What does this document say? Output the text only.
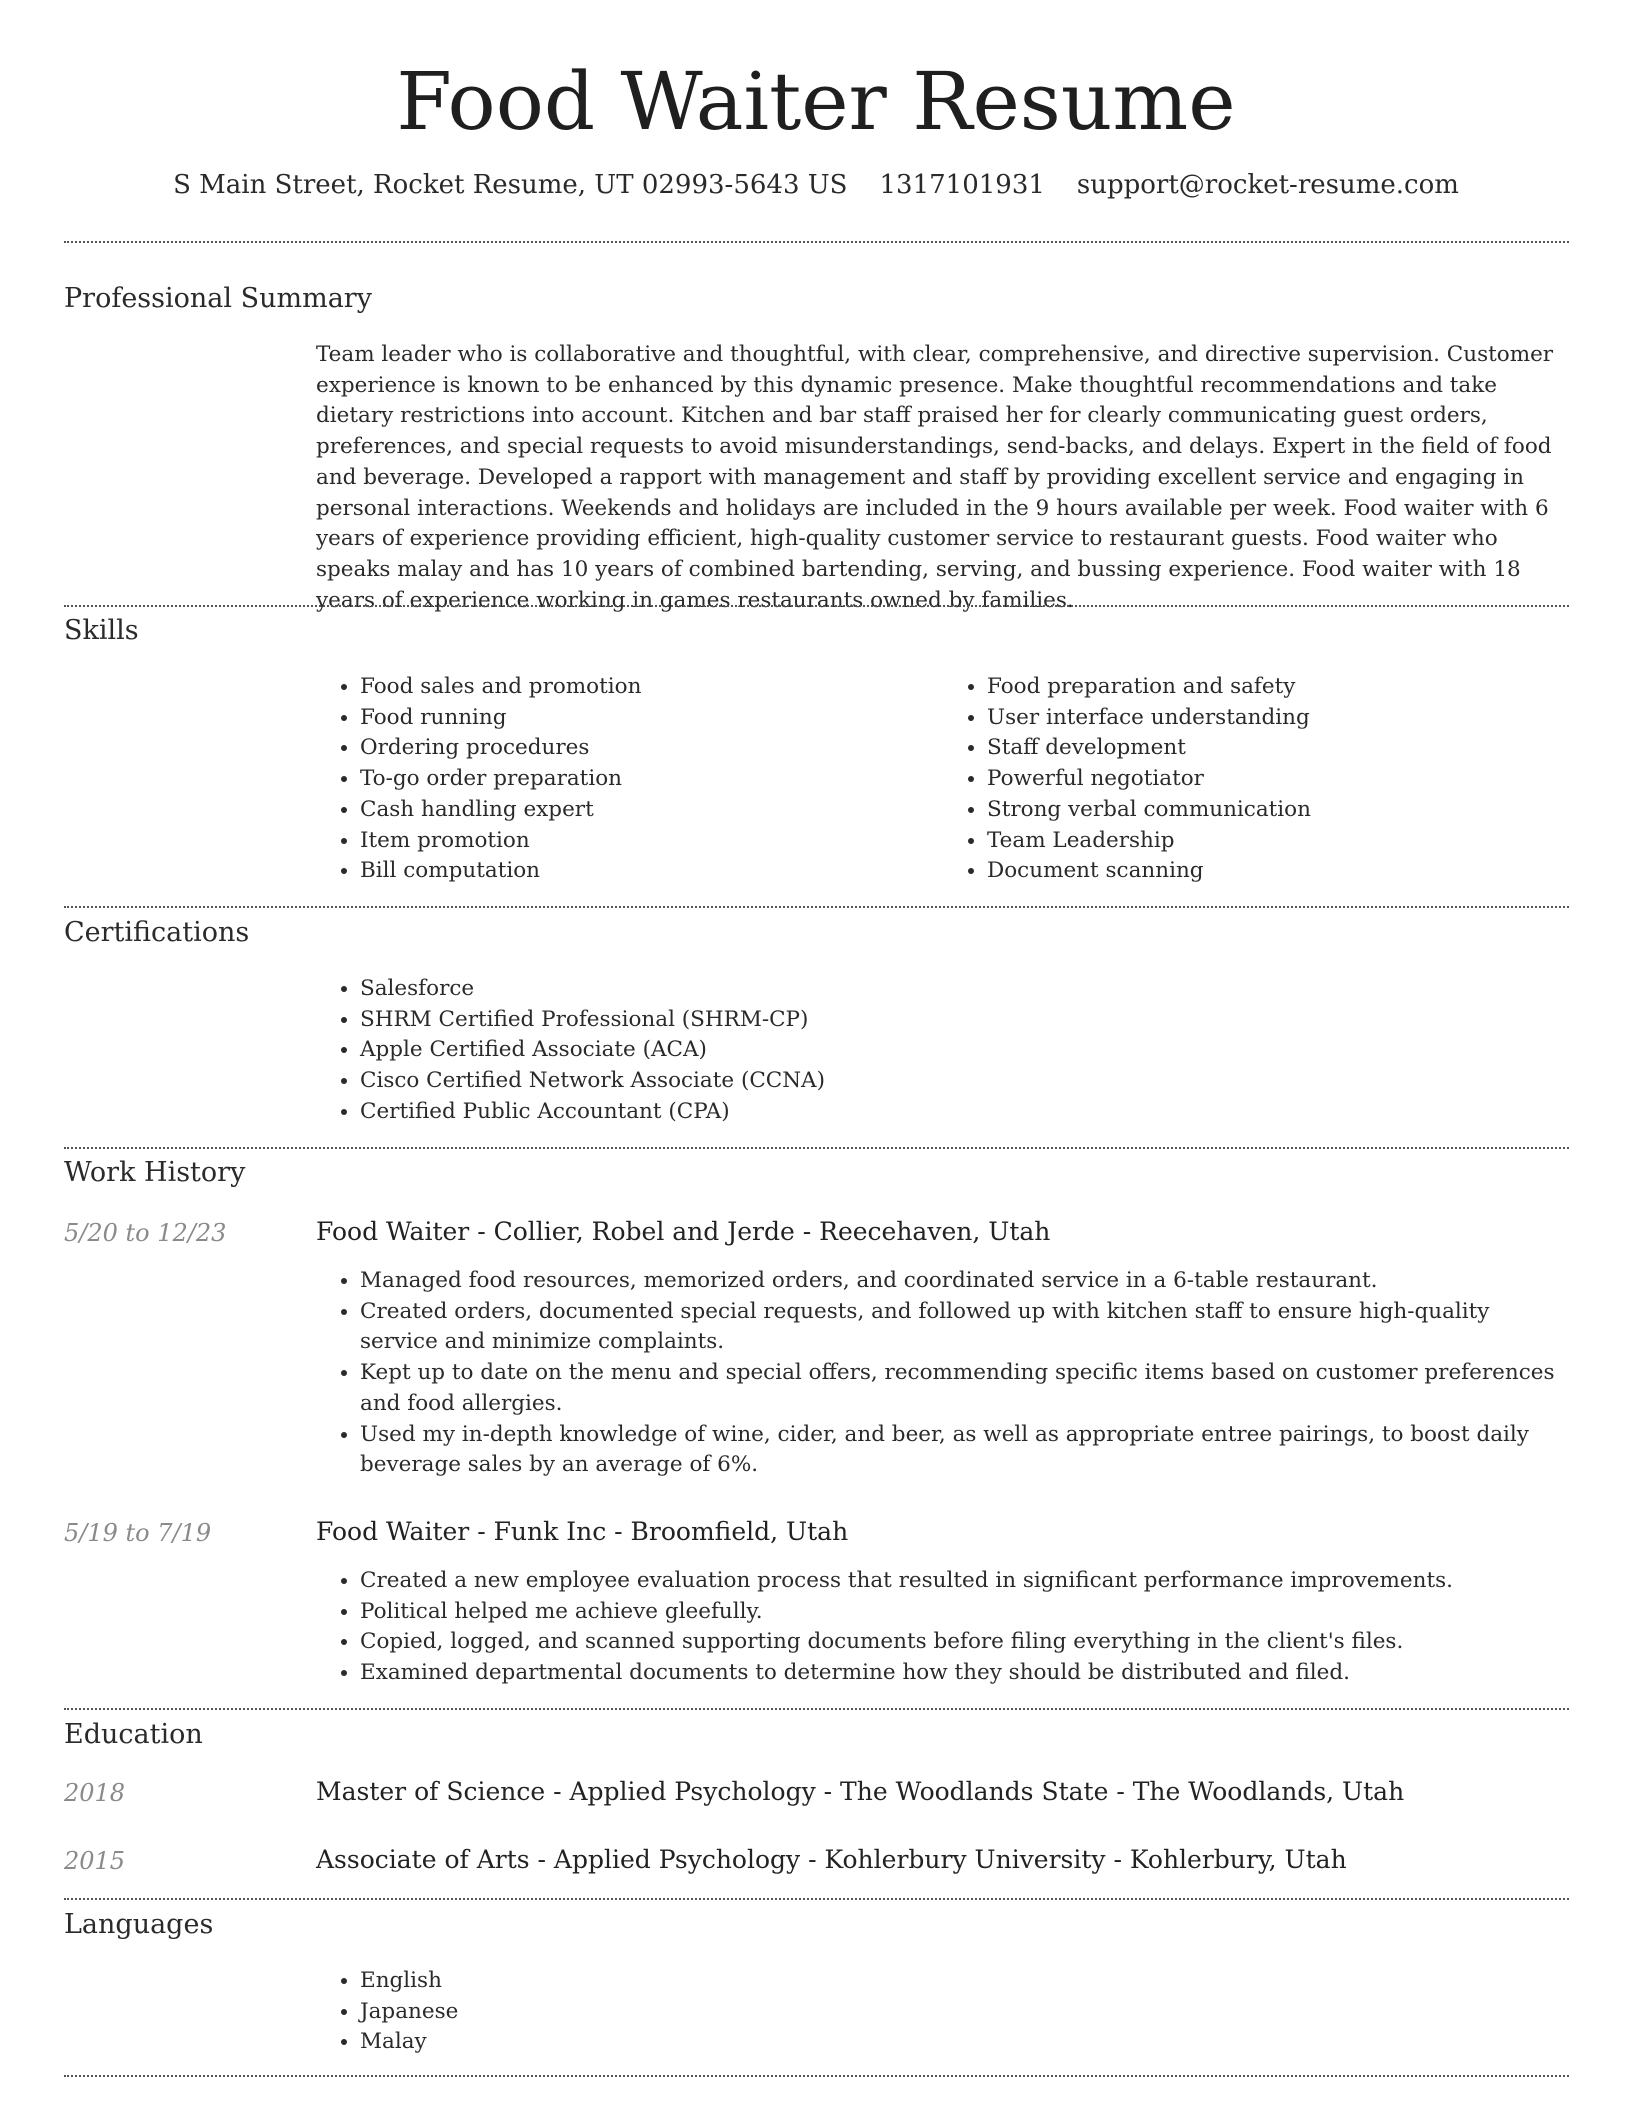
Food Waiter Resume
S Main Street, Rocket Resume, UT 02993-5643 US 1317101931 support@rocket-resume.com
Professional Summary

Team leader who is collaborative and thoughtful, with clear, comprehensive, and directive supervision. Customer experience is known to be enhanced by this dynamic presence. Make thoughtful recommendations and take dietary restrictions into account. Kitchen and bar staff praised her for clearly communicating guest orders, preferences, and special requests to avoid misunderstandings, send-backs, and delays. Expert in the field of food and beverage. Developed a rapport with management and staff by providing excellent service and engaging in personal interactions. Weekends and holidays are included in the 9 hours available per week. Food waiter with 6 years of experience providing efficient, high-quality customer service to restaurant guests. Food waiter who speaks malay and has 10 years of combined bartending, serving, and bussing experience. Food waiter with 18 years of experience working in games restaurants owned by families.

Skills
• Food sales and promotion
• Food running
• Ordering procedures
• To-go order preparation
• Cash handling expert
• Item promotion
• Bill computation
• Food preparation and safety
• User interface understanding
• Staff development
• Powerful negotiator
• Strong verbal communication
• Team Leadership
• Document scanning
Certifications
• Salesforce
• SHRM Certified Professional (SHRM-CP)
• Apple Certified Associate (ACA)
• Cisco Certified Network Associate (CCNA)
• Certified Public Accountant (CPA)
Work History
5/20 to 12/23	Food Waiter - Collier, Robel and Jerde - Reecehaven, Utah
• Managed food resources, memorized orders, and coordinated service in a 6-table restaurant.
• Created orders, documented special requests, and followed up with kitchen staff to ensure high-quality service and minimize complaints.
• Kept up to date on the menu and special offers, recommending specific items based on customer preferences and food allergies.
• Used my in-depth knowledge of wine, cider, and beer, as well as appropriate entree pairings, to boost daily beverage sales by an average of 6%.
5/19 to 7/19	Food Waiter - Funk Inc - Broomfield, Utah
• Created a new employee evaluation process that resulted in significant performance improvements.
• Political helped me achieve gleefully.
• Copied, logged, and scanned supporting documents before filing everything in the client's files.
• Examined departmental documents to determine how they should be distributed and filed.
Education
2018	Master of Science - Applied Psychology - The Woodlands State - The Woodlands, Utah
2015	Associate of Arts - Applied Psychology - Kohlerbury University - Kohlerbury, Utah
Languages
• English
• Japanese
• Malay
